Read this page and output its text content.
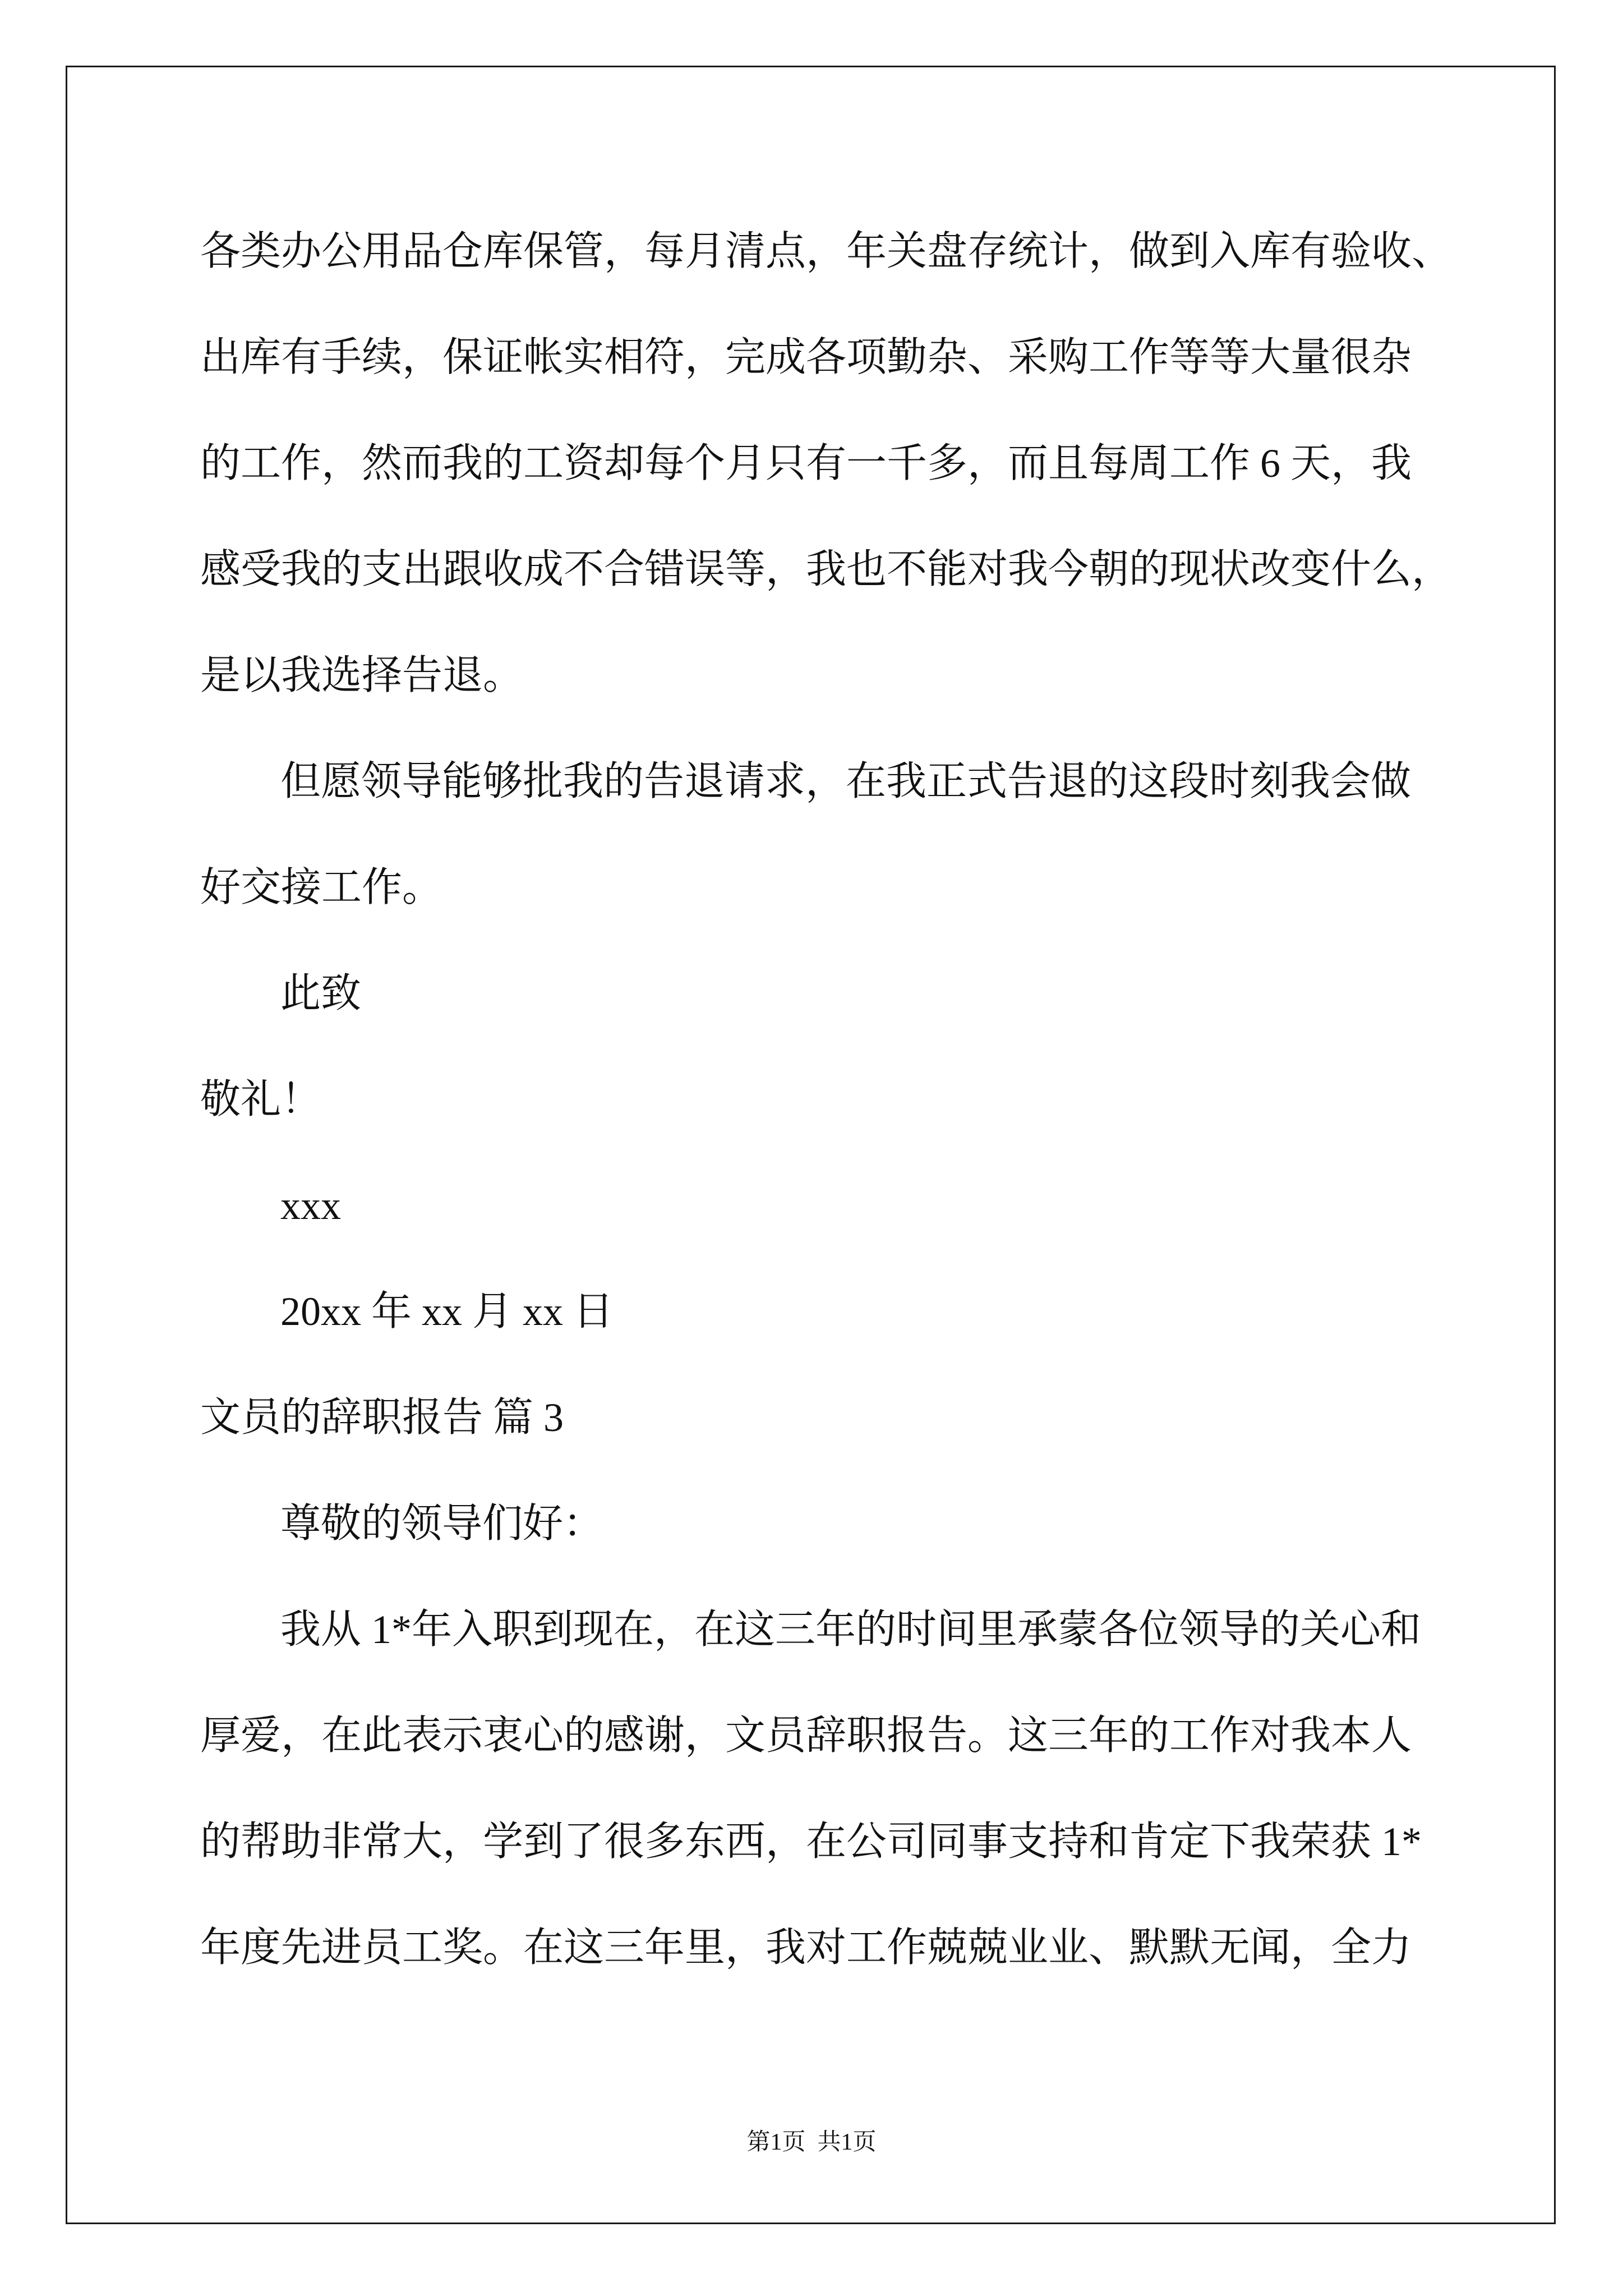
各类办公用品仓库保管，每月清点，年关盘存统计，做到入库有验收、
出库有手续，保证帐实相符，完成各项勤杂、采购工作等等大量很杂
的工作，然而我的工资却每个月只有一千多，而且每周工作 6 天，我
感受我的支出跟收成不合错误等，我也不能对我今朝的现状改变什么，
是以我选择告退。
但愿领导能够批我的告退请求，在我正式告退的这段时刻我会做
好交接工作。
此致
敬礼！
xxx
20xx 年 xx 月 xx 日
文员的辞职报告 篇 3
尊敬的领导们好：
我从 1*年入职到现在，在这三年的时间里承蒙各位领导的关心和
厚爱，在此表示衷心的感谢，文员辞职报告。这三年的工作对我本人
的帮助非常大，学到了很多东西，在公司同事支持和肯定下我荣获 1*
年度先进员工奖。在这三年里，我对工作兢兢业业、默默无闻，全力
第1页 共1页
